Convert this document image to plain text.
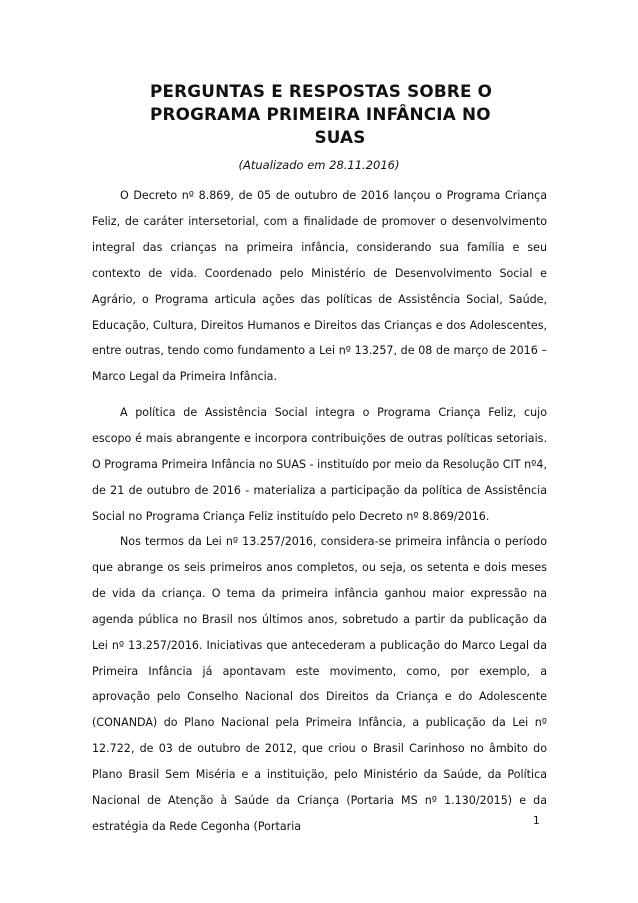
PERGUNTAS E RESPOSTAS SOBRE O
PROGRAMA PRIMEIRA INFÂNCIA NO
SUAS
(Atualizado em 28.11.2016)

O Decreto nº 8.869, de 05 de outubro de 2016 lançou o Programa Criança Feliz, de caráter intersetorial, com a finalidade de promover o desenvolvimento integral das crianças na primeira infância, considerando sua família e seu contexto de vida. Coordenado pelo Ministério de Desenvolvimento Social e Agrário, o Programa articula ações das políticas de Assistência Social, Saúde, Educação, Cultura, Direitos Humanos e Direitos das Crianças e dos Adolescentes, entre outras, tendo como fundamento a Lei nº 13.257, de 08 de março de 2016 – Marco Legal da Primeira Infância.

A política de Assistência Social integra o Programa Criança Feliz, cujo escopo é mais abrangente e incorpora contribuições de outras políticas setoriais. O Programa Primeira Infância no SUAS - instituído por meio da Resolução CIT nº4, de 21 de outubro de 2016 - materializa a participação da política de Assistência Social no Programa Criança Feliz instituído pelo Decreto nº 8.869/2016.

Nos termos da Lei nº 13.257/2016, considera-se primeira infância o período que abrange os seis primeiros anos completos, ou seja, os setenta e dois meses de vida da criança. O tema da primeira infância ganhou maior expressão na agenda pública no Brasil nos últimos anos, sobretudo a partir da publicação da Lei nº 13.257/2016. Iniciativas que antecederam a publicação do Marco Legal da Primeira Infância já apontavam este movimento, como, por exemplo, a aprovação pelo Conselho Nacional dos Direitos da Criança e do Adolescente (CONANDA) do Plano Nacional pela Primeira Infância, a publicação da Lei nº 12.722, de 03 de outubro de 2012, que criou o Brasil Carinhoso no âmbito do Plano Brasil Sem Miséria e a instituição, pelo Ministério da Saúde, da Política Nacional de Atenção à Saúde da Criança (Portaria MS nº 1.130/2015) e da estratégia da Rede Cegonha (Portaria	1
